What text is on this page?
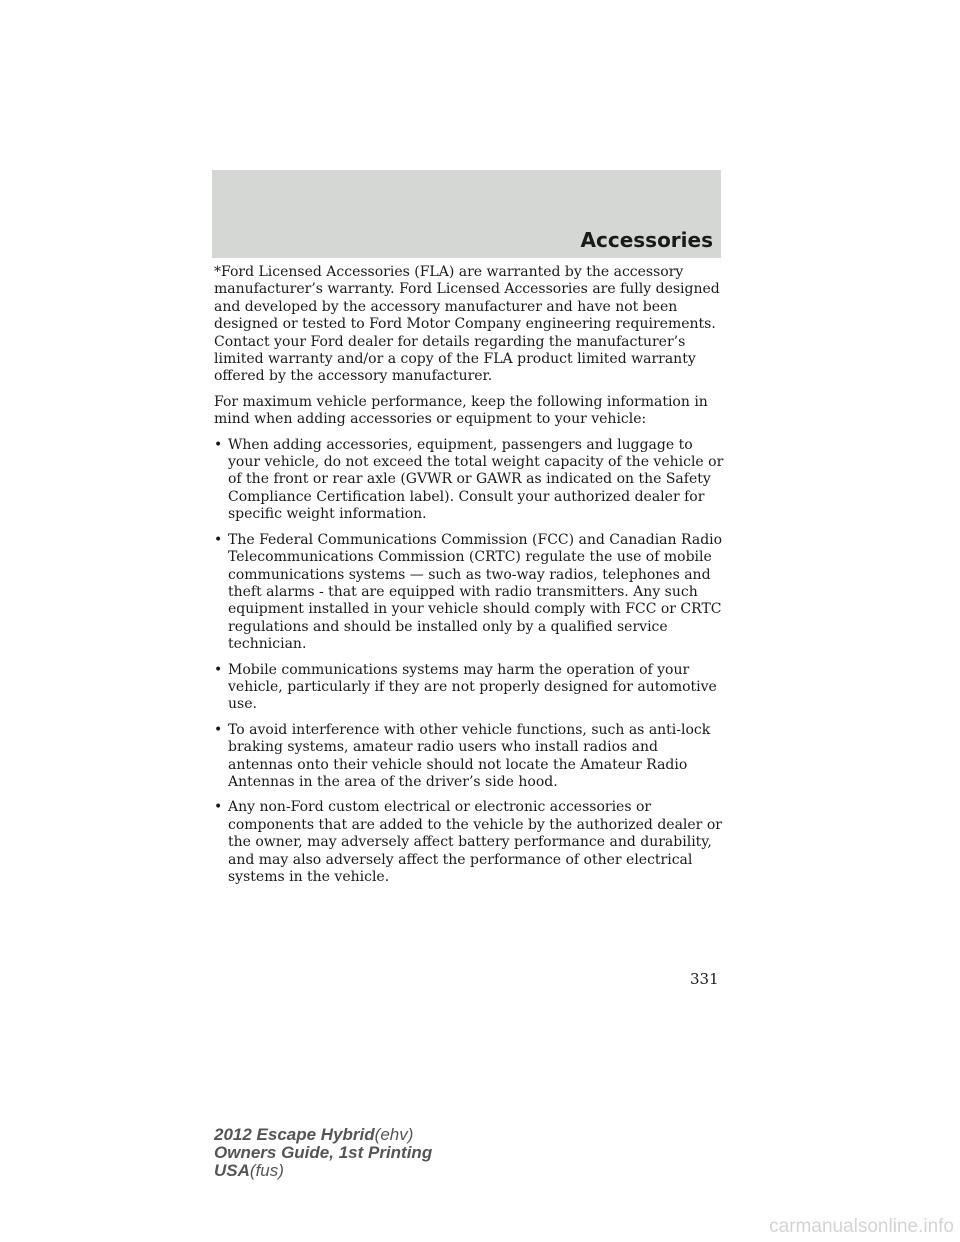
Accessories

*Ford Licensed Accessories (FLA) are warranted by the accessory manufacturer’s warranty. Ford Licensed Accessories are fully designed and developed by the accessory manufacturer and have not been designed or tested to Ford Motor Company engineering requirements. Contact your Ford dealer for details regarding the manufacturer’s limited warranty and/or a copy of the FLA product limited warranty offered by the accessory manufacturer.

For maximum vehicle performance, keep the following information in mind when adding accessories or equipment to your vehicle:

• When adding accessories, equipment, passengers and luggage to your vehicle, do not exceed the total weight capacity of the vehicle or of the front or rear axle (GVWR or GAWR as indicated on the Safety Compliance Certification label). Consult your authorized dealer for specific weight information.
• The Federal Communications Commission (FCC) and Canadian Radio Telecommunications Commission (CRTC) regulate the use of mobile communications systems — such as two-way radios, telephones and theft alarms - that are equipped with radio transmitters. Any such equipment installed in your vehicle should comply with FCC or CRTC regulations and should be installed only by a qualified service technician.
• Mobile communications systems may harm the operation of your vehicle, particularly if they are not properly designed for automotive use.
• To avoid interference with other vehicle functions, such as anti-lock braking systems, amateur radio users who install radios and antennas onto their vehicle should not locate the Amateur Radio Antennas in the area of the driver’s side hood.
• Any non-Ford custom electrical or electronic accessories or components that are added to the vehicle by the authorized dealer or the owner, may adversely affect battery performance and durability, and may also adversely affect the performance of other electrical systems in the vehicle.
331
2012 Escape Hybrid(ehv)
Owners Guide, 1st Printing
USA(fus)
carmanualsonline.info
